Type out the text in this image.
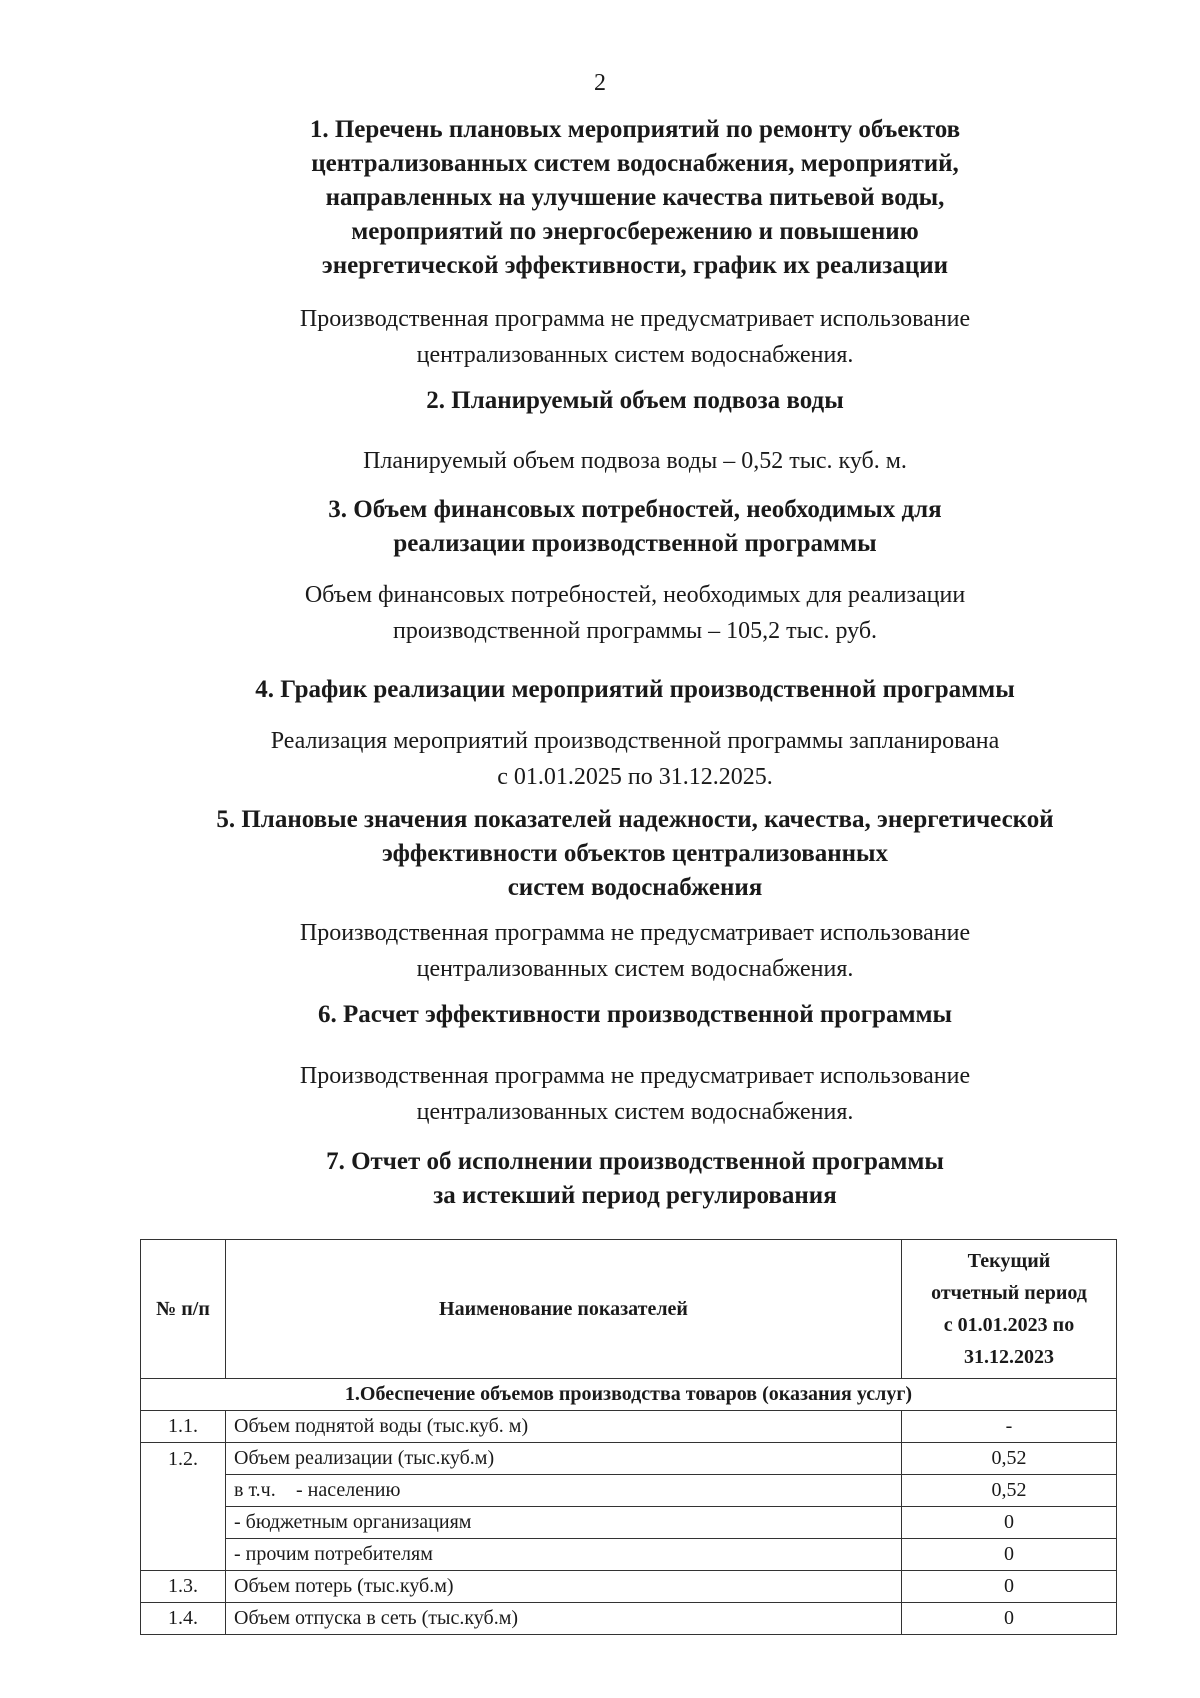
2
1. Перечень плановых мероприятий по ремонту объектов
централизованных систем водоснабжения, мероприятий,
направленных на улучшение качества питьевой воды,
мероприятий по энергосбережению и повышению
энергетической эффективности, график их реализации
Производственная программа не предусматривает использование
централизованных систем водоснабжения.
2. Планируемый объем подвоза воды
Планируемый объем подвоза воды – 0,52 тыс. куб. м.
3. Объем финансовых потребностей, необходимых для
реализации производственной программы
Объем финансовых потребностей, необходимых для реализации
производственной программы – 105,2 тыс. руб.
4. График реализации мероприятий производственной программы
Реализация мероприятий производственной программы запланирована
с 01.01.2025 по 31.12.2025.
5. Плановые значения показателей надежности, качества, энергетической
эффективности объектов централизованных
систем водоснабжения
Производственная программа не предусматривает использование
централизованных систем водоснабжения.
6. Расчет эффективности производственной программы
Производственная программа не предусматривает использование
централизованных систем водоснабжения.
7. Отчет об исполнении производственной программы
за истекший период регулирования
№ п/п	Наименование показателей	Текущий
отчетный период
с 01.01.2023 по
31.12.2023

1.Обеспечение объемов производства товаров (оказания услуг)		
1.1.	Объем поднятой воды (тыс.куб. м)	-
1.2.	Объем реализации (тыс.куб.м)	0,52
	в т.ч. - населению	0,52
	- бюджетным организациям	0
	- прочим потребителям	0
1.3.	Объем потерь (тыс.куб.м)	0
1.4.	Объем отпуска в сеть (тыс.куб.м)	0
